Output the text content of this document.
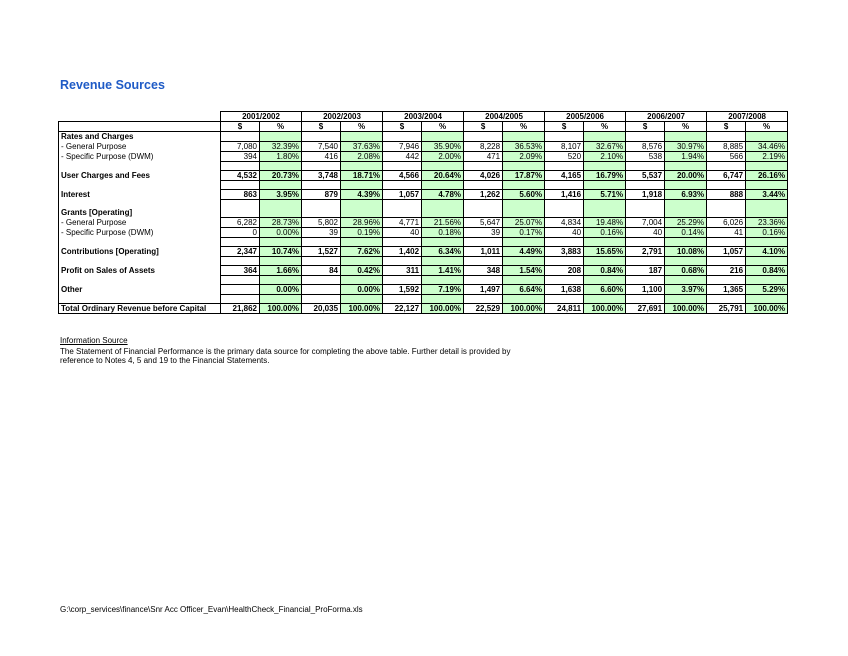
Revenue Sources
	2001/2002		2002/2003		2003/2004		2004/2005		2005/2006		2006/2007		2007/2008	
	$	%	$	%	$	%	$	%	$	%	$	%	$	%
Rates and Charges														
- General Purpose	7,080	32.39%	7,540	37.63%	7,946	35.90%	8,228	36.53%	8,107	32.67%	8,576	30.97%	8,885	34.46%
- Specific Purpose (DWM)	394	1.80%	416	2.08%	442	2.00%	471	2.09%	520	2.10%	538	1.94%	566	2.19%

User Charges and Fees	4,532	20.73%	3,748	18.71%	4,566	20.64%	4,026	17.87%	4,165	16.79%	5,537	20.00%	6,747	26.16%

Interest	863	3.95%	879	4.39%	1,057	4.78%	1,262	5.60%	1,416	5.71%	1,918	6.93%	888	3.44%

Grants [Operating]														
- General Purpose	6,282	28.73%	5,802	28.96%	4,771	21.56%	5,647	25.07%	4,834	19.48%	7,004	25.29%	6,026	23.36%
- Specific Purpose (DWM)	0	0.00%	39	0.19%	40	0.18%	39	0.17%	40	0.16%	40	0.14%	41	0.16%

Contributions [Operating]	2,347	10.74%	1,527	7.62%	1,402	6.34%	1,011	4.49%	3,883	15.65%	2,791	10.08%	1,057	4.10%

Profit on Sales of Assets	364	1.66%	84	0.42%	311	1.41%	348	1.54%	208	0.84%	187	0.68%	216	0.84%

Other		0.00%		0.00%	1,592	7.19%	1,497	6.64%	1,638	6.60%	1,100	3.97%	1,365	5.29%

Total Ordinary Revenue before Capital	21,862	100.00%	20,035	100.00%	22,127	100.00%	22,529	100.00%	24,811	100.00%	27,691	100.00%	25,791	100.00%
Information Source
The Statement of Financial Performance is the primary data source for completing the above table. Further detail is provided by reference to Notes 4, 5 and 19 to the Financial Statements.
G:\corp_services\finance\Snr Acc Officer_Evan\HealthCheck_Financial_ProForma.xls
